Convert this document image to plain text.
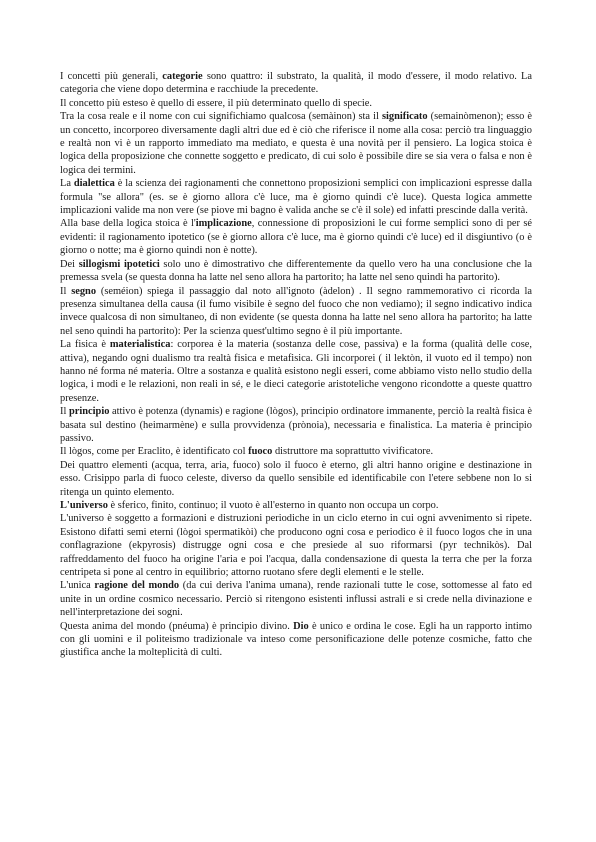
I concetti più generali, categorie sono quattro: il substrato, la qualità, il modo d'essere, il modo relativo. La categoria che viene dopo determina e racchiude la precedente.

Il concetto più esteso è quello di essere, il più determinato quello di specie.

Tra la cosa reale e il nome con cui significhiamo qualcosa (semàinon) sta il significato (semainòmenon); esso è un concetto, incorporeo diversamente dagli altri due ed è ciò che riferisce il nome alla cosa: perciò tra linguaggio e realtà non vi è un rapporto immediato ma mediato, e questa è una novità per il pensiero. La logica stoica è logica della proposizione che connette soggetto e predicato, di cui solo è possibile dire se sia vera o falsa e non è logica dei termini.

La dialettica è la scienza dei ragionamenti che connettono proposizioni semplici con implicazioni espresse dalla formula "se allora" (es. se è giorno allora c'è luce, ma è giorno quindi c'è luce). Questa logica ammette implicazioni valide ma non vere (se piove mi bagno è valida anche se c'è il sole) ed infatti prescinde dalla verità.

Alla base della logica stoica è l'implicazione, connessione di proposizioni le cui forme semplici sono di per sé evidenti: il ragionamento ipotetico (se è giorno allora c'è luce, ma è giorno quindi c'è luce) ed il disgiuntivo (o è giorno o notte; ma è giorno quindi non è notte).

Dei sillogismi ipotetici solo uno è dimostrativo che differentemente da quello vero ha una conclusione che la premessa svela (se questa donna ha latte nel seno allora ha partorito; ha latte nel seno quindi ha partorito).

Il segno (seméion) spiega il passaggio dal noto all'ignoto (àdelon) . Il segno rammemorativo ci ricorda la presenza simultanea della causa (il fumo visibile è segno del fuoco che non vediamo); il segno indicativo indica invece qualcosa di non simultaneo, di non evidente (se questa donna ha latte nel seno allora ha partorito; ha latte nel seno quindi ha partorito): Per la scienza quest'ultimo segno è il più importante.

La fisica è materialistica: corporea è la materia (sostanza delle cose, passiva) e la forma (qualità delle cose, attiva), negando ogni dualismo tra realtà fisica e metafisica. Gli incorporei ( il lektòn, il vuoto ed il tempo) non hanno né forma né materia. Oltre a sostanza e qualità esistono negli esseri, come abbiamo visto nello studio della logica, i modi e le relazioni, non reali in sé, e le dieci categorie aristoteliche vengono ricondotte a queste quattro presenze.

Il principio attivo è potenza (dynamis) e ragione (lògos), principio ordinatore immanente, perciò la realtà fisica è basata sul destino (heimarmène) e sulla provvidenza (prònoia), necessaria e finalistica. La materia è principio passivo.

Il lògos, come per Eraclito, è identificato col fuoco distruttore ma soprattutto vivificatore.

Dei quattro elementi (acqua, terra, aria, fuoco) solo il fuoco è eterno, gli altri hanno origine e destinazione in esso. Crisippo parla di fuoco celeste, diverso da quello sensibile ed identificabile con l'etere sebbene non lo si ritenga un quinto elemento.

L'universo è sferico, finito, continuo; il vuoto è all'esterno in quanto non occupa un corpo.

L'universo è soggetto a formazioni e distruzioni periodiche in un ciclo eterno in cui ogni avvenimento si ripete. Esistono difatti semi eterni (lògoi spermatikòi) che producono ogni cosa e periodico è il fuoco logos che in una conflagrazione (ekpyrosis) distrugge ogni cosa e che presiede al suo riformarsi (pyr technikòs). Dal raffreddamento del fuoco ha origine l'aria e poi l'acqua, dalla condensazione di questa la terra che per la forza centripeta si pone al centro in equilibrio; attorno ruotano sfere degli elementi e le stelle.

L'unica ragione del mondo (da cui deriva l'anima umana), rende razionali tutte le cose, sottomesse al fato ed unite in un ordine cosmico necessario. Perciò si ritengono esistenti influssi astrali e si crede nella divinazione e nell'interpretazione dei sogni.

Questa anima del mondo (pnéuma) è principio divino. Dio è unico e ordina le cose. Egli ha un rapporto intimo con gli uomini e il politeismo tradizionale va inteso come personificazione delle potenze cosmiche, fatto che giustifica anche la molteplicità di culti.
